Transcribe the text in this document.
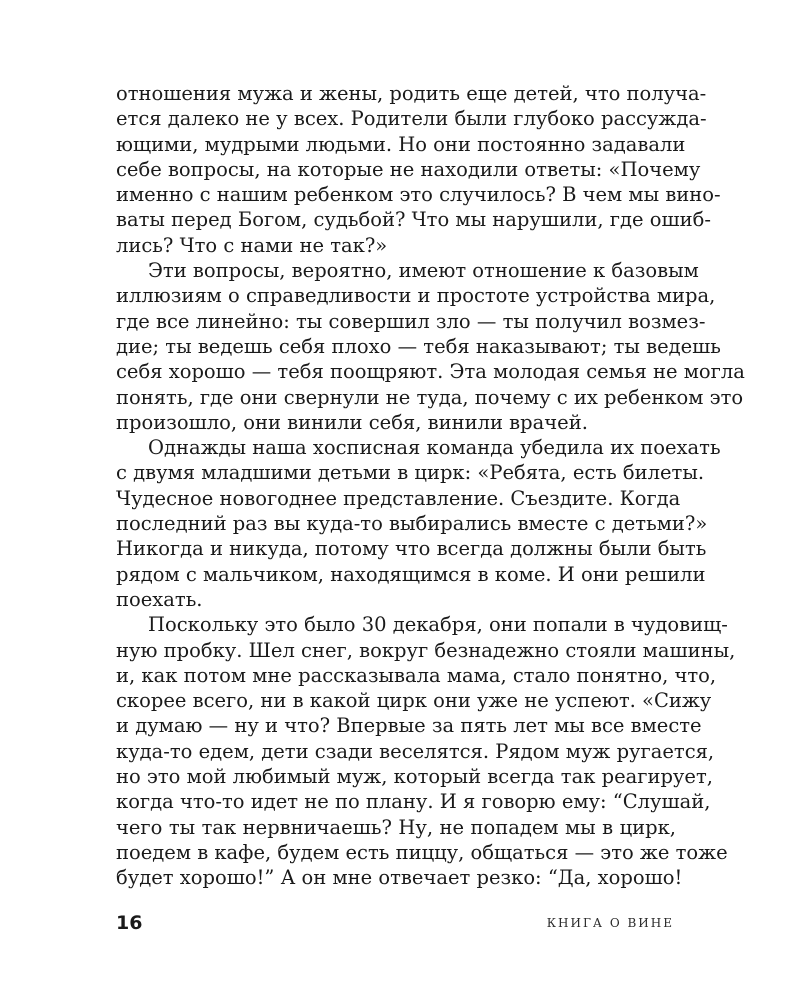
отношения мужа и жены, родить еще детей, что получа-
ется далеко не у всех. Родители были глубоко рассужда-
ющими, мудрыми людьми. Но они постоянно задавали
себе вопросы, на которые не находили ответы: «Почему
именно с нашим ребенком это случилось? В чем мы вино-
ваты перед Богом, судьбой? Что мы нарушили, где ошиб-
лись? Что с нами не так?»
Эти вопросы, вероятно, имеют отношение к базовым
иллюзиям о справедливости и простоте устройства мира,
где все линейно: ты совершил зло — ты получил возмез-
дие; ты ведешь себя плохо — тебя наказывают; ты ведешь
себя хорошо — тебя поощряют. Эта молодая семья не могла
понять, где они свернули не туда, почему с их ребенком это
произошло, они винили себя, винили врачей.
Однажды наша хосписная команда убедила их поехать
с двумя младшими детьми в цирк: «Ребята, есть билеты.
Чудесное новогоднее представление. Съездите. Когда
последний раз вы куда-то выбирались вместе с детьми?»
Никогда и никуда, потому что всегда должны были быть
рядом с мальчиком, находящимся в коме. И они решили
поехать.
Поскольку это было 30 декабря, они попали в чудовищ-
ную пробку. Шел снег, вокруг безнадежно стояли машины,
и, как потом мне рассказывала мама, стало понятно, что,
скорее всего, ни в какой цирк они уже не успеют. «Сижу
и думаю — ну и что? Впервые за пять лет мы все вместе
куда-то едем, дети сзади веселятся. Рядом муж ругается,
но это мой любимый муж, который всегда так реагирует,
когда что-то идет не по плану. И я говорю ему: “Слушай,
чего ты так нервничаешь? Ну, не попадем мы в цирк,
поедем в кафе, будем есть пиццу, общаться — это же тоже
будет хорошо!” А он мне отвечает резко: “Да, хорошо!
16	КНИГА О ВИНЕ
